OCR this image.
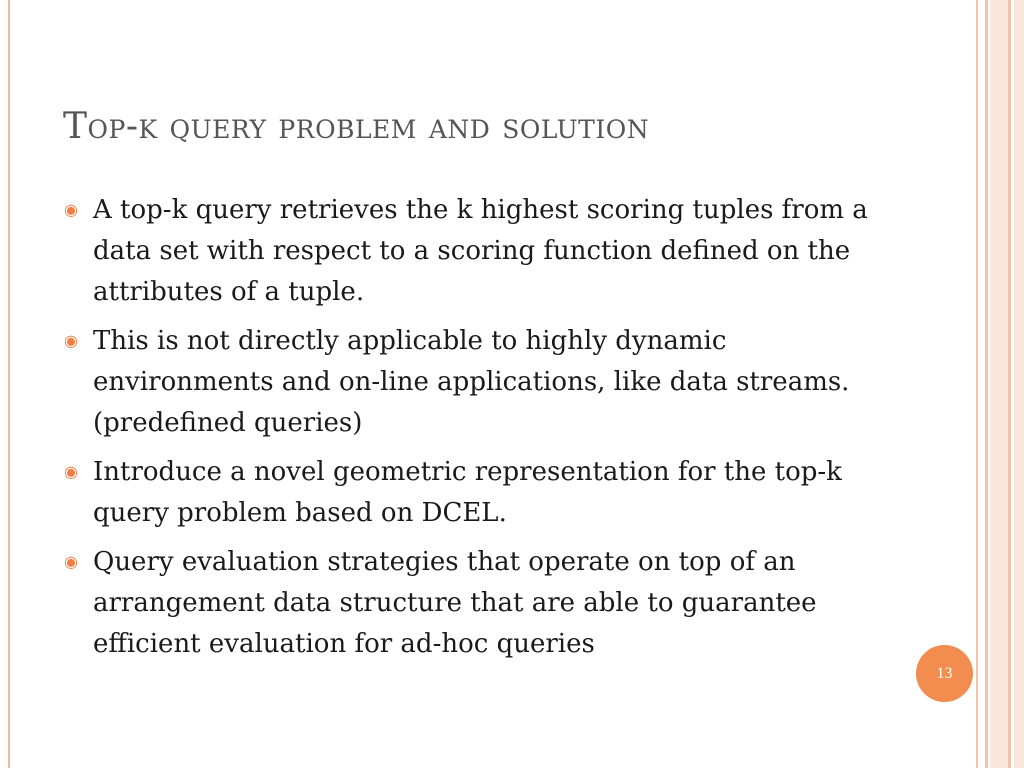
Top-k query problem and solution
◉ A top-k query retrieves the k highest scoring tuples from a data set with respect to a scoring function defined on the attributes of a tuple.
◉ This is not directly applicable to highly dynamic environments and on-line applications, like data streams. (predefined queries)
◉ Introduce a novel geometric representation for the top-k query problem based on DCEL.
◉ Query evaluation strategies that operate on top of an arrangement data structure that are able to guarantee efficient evaluation for ad-hoc queries
13
